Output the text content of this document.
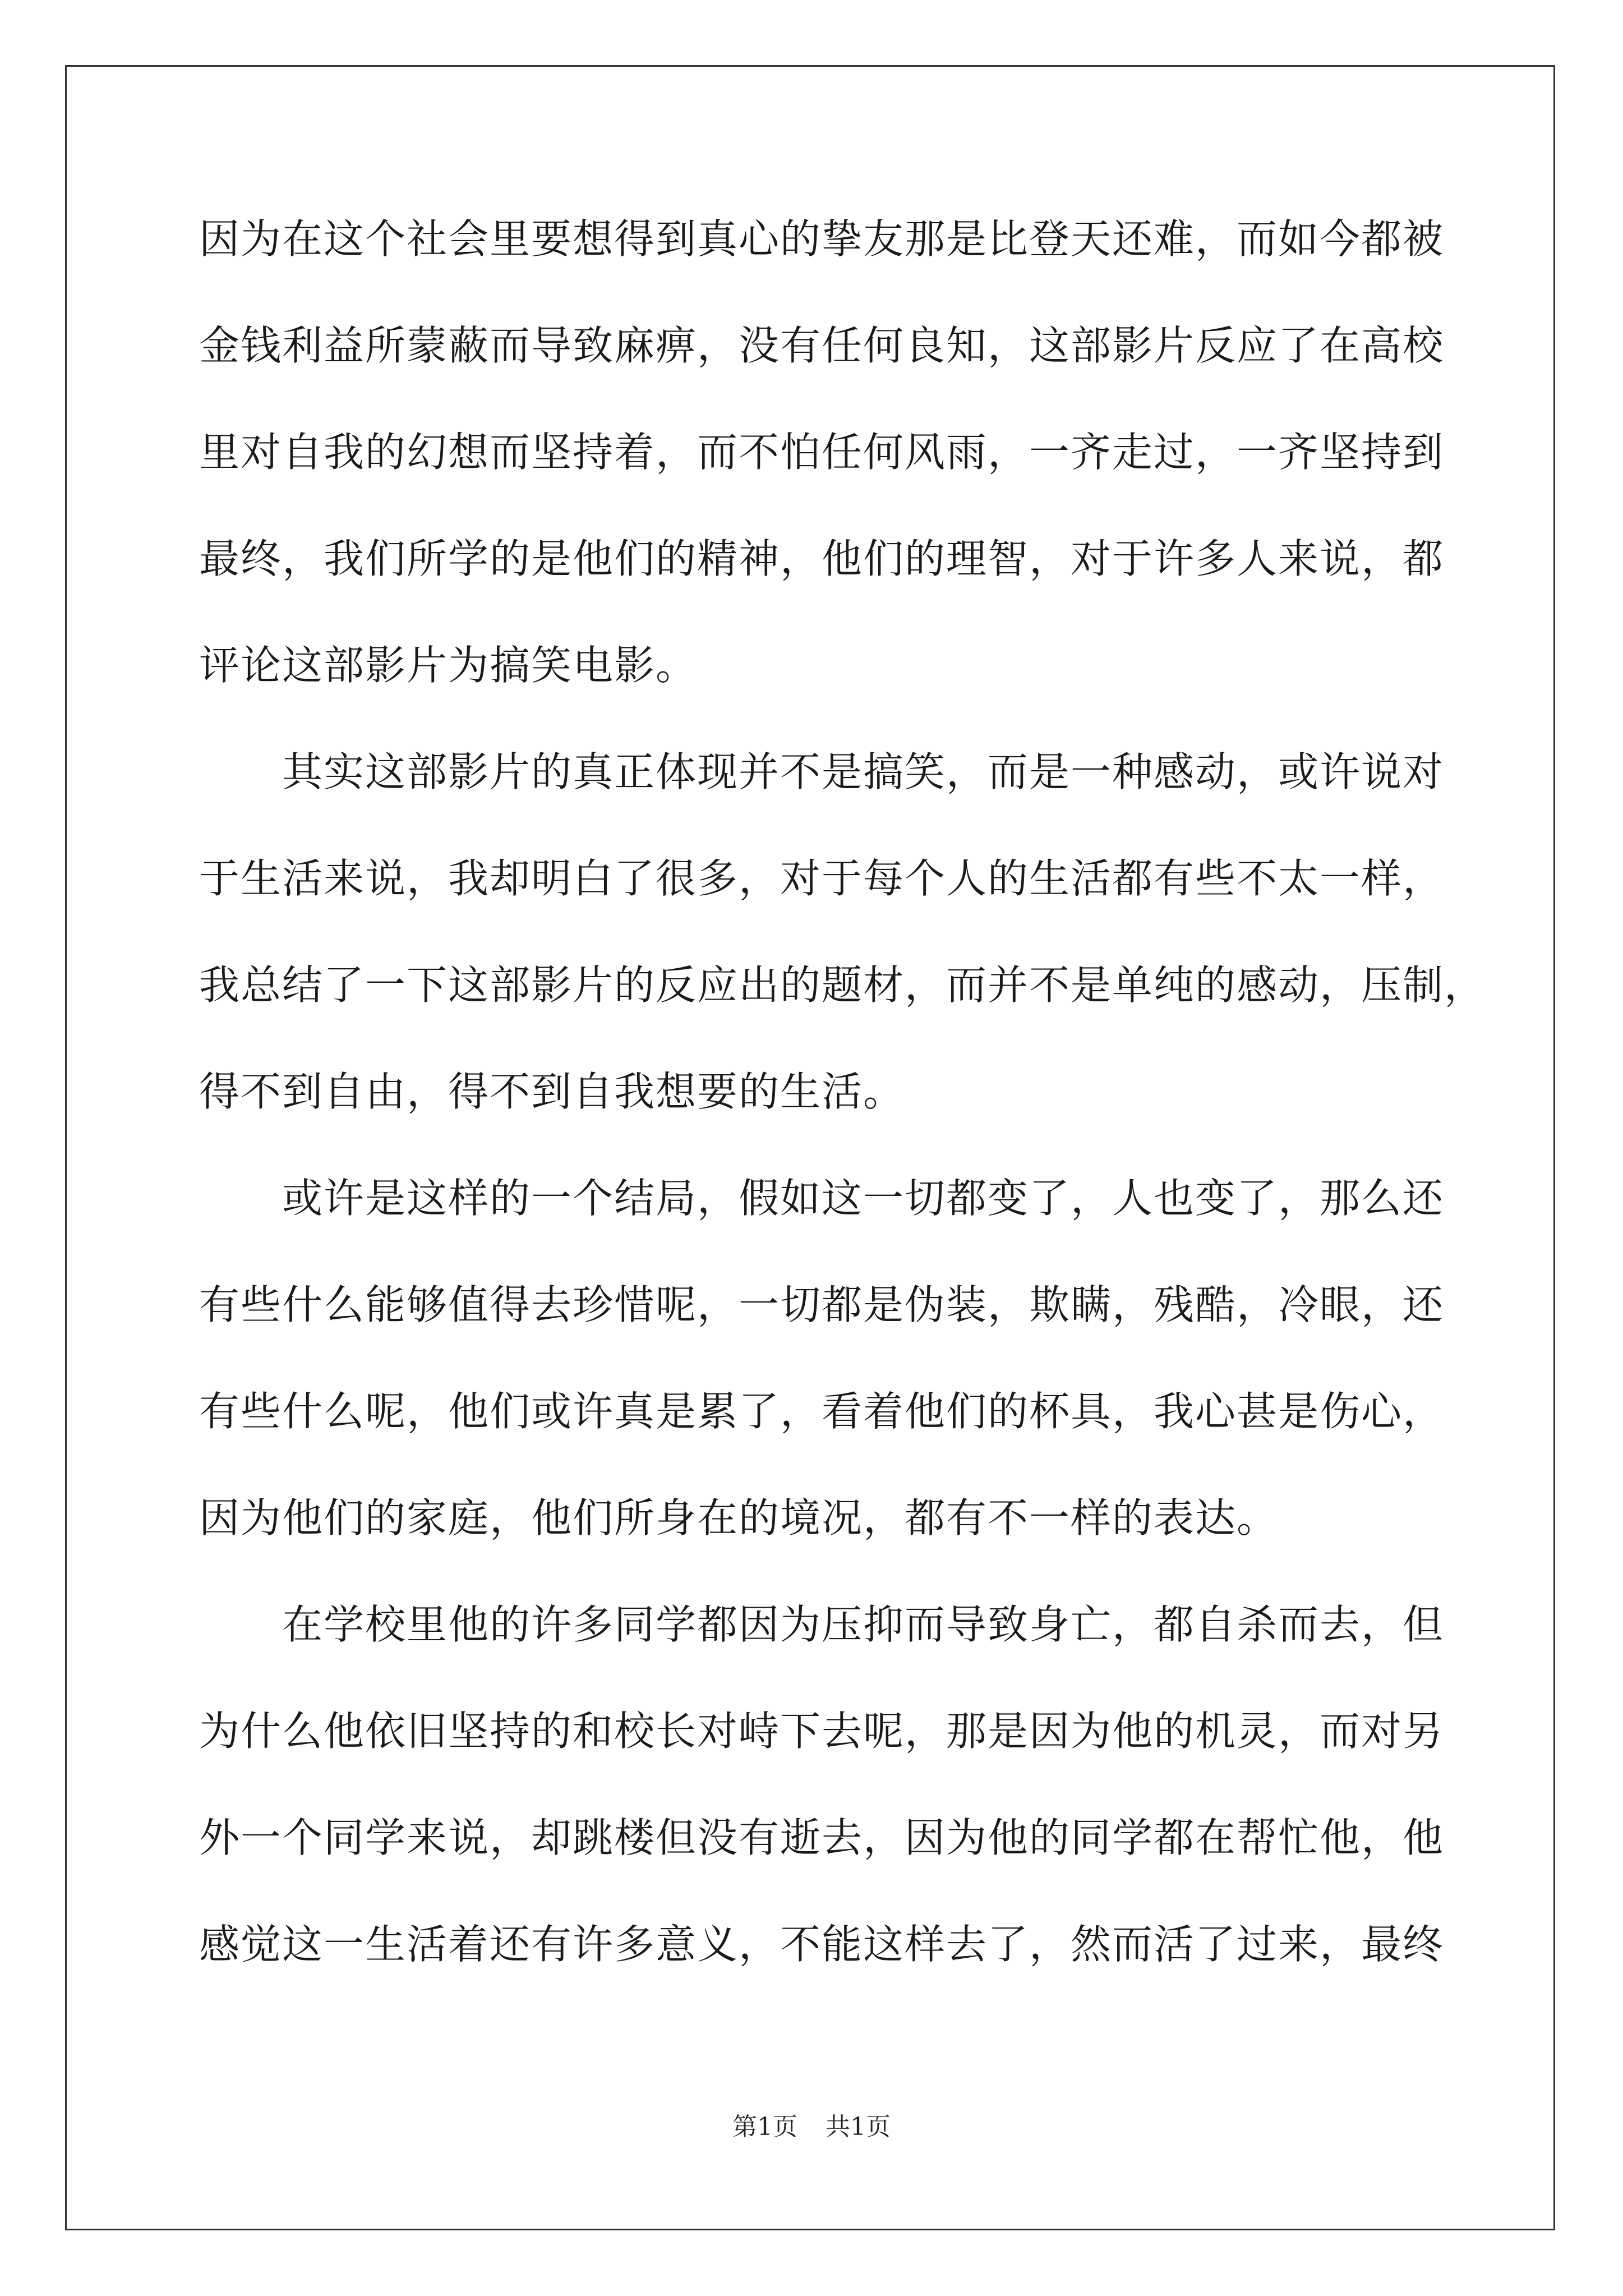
因为在这个社会里要想得到真心的挚友那是比登天还难，而如今都被
金钱利益所蒙蔽而导致麻痹，没有任何良知，这部影片反应了在高校
里对自我的幻想而坚持着，而不怕任何风雨，一齐走过，一齐坚持到
最终，我们所学的是他们的精神，他们的理智，对于许多人来说，都
评论这部影片为搞笑电影。
　　其实这部影片的真正体现并不是搞笑，而是一种感动，或许说对
于生活来说，我却明白了很多，对于每个人的生活都有些不太一样，
我总结了一下这部影片的反应出的题材，而并不是单纯的感动，压制，
得不到自由，得不到自我想要的生活。
　　或许是这样的一个结局，假如这一切都变了，人也变了，那么还
有些什么能够值得去珍惜呢，一切都是伪装，欺瞒，残酷，冷眼，还
有些什么呢，他们或许真是累了，看着他们的杯具，我心甚是伤心，
因为他们的家庭，他们所身在的境况，都有不一样的表达。
　　在学校里他的许多同学都因为压抑而导致身亡，都自杀而去，但
为什么他依旧坚持的和校长对峙下去呢，那是因为他的机灵，而对另
外一个同学来说，却跳楼但没有逝去，因为他的同学都在帮忙他，他
感觉这一生活着还有许多意义，不能这样去了，然而活了过来，最终
第1页 共1页
